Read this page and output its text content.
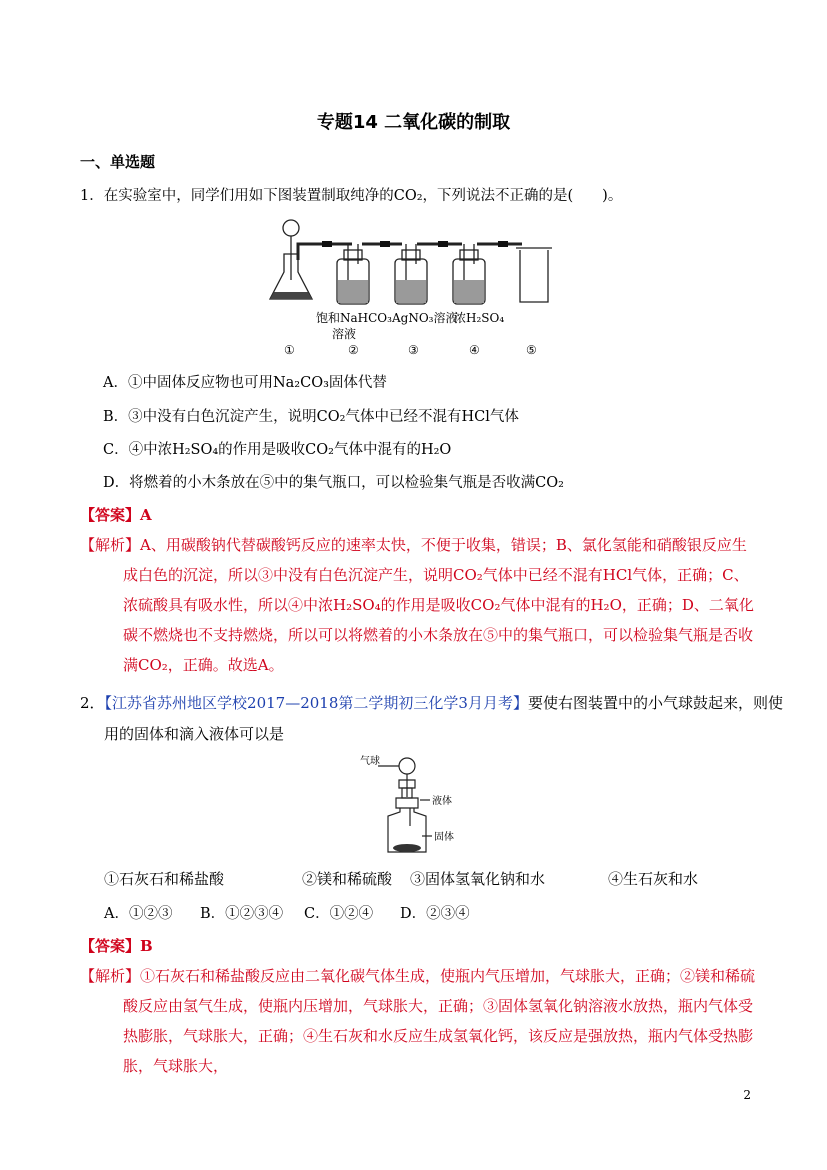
专题14 二氧化碳的制取
一、单选题
1．在实验室中，同学们用如下图装置制取纯净的CO₂，下列说法不正确的是(　　)。
饱和NaHCO₃
溶液
AgNO₃溶液
浓H₂SO₄
①	②	③	④	⑤
A．①中固体反应物也可用Na₂CO₃固体代替
B．③中没有白色沉淀产生，说明CO₂气体中已经不混有HCl气体
C．④中浓H₂SO₄的作用是吸收CO₂气体中混有的H₂O
D．将燃着的小木条放在⑤中的集气瓶口，可以检验集气瓶是否收满CO₂
【答案】A
【解析】A、用碳酸钠代替碳酸钙反应的速率太快，不便于收集，错误；B、氯化氢能和硝酸银反应生成白色的沉淀，所以③中没有白色沉淀产生，说明CO₂气体中已经不混有HCl气体，正确；C、浓硫酸具有吸水性，所以④中浓H₂SO₄的作用是吸收CO₂气体中混有的H₂O，正确；D、二氧化碳不燃烧也不支持燃烧，所以可以将燃着的小木条放在⑤中的集气瓶口，可以检验集气瓶是否收满CO₂，正确。故选A。
2．【江苏省苏州地区学校2017—2018第二学期初三化学3月月考】要使右图装置中的小气球鼓起来，则使
用的固体和滴入液体可以是
气球
液体
固体
①石灰石和稀盐酸	②镁和稀硫酸 ③固体氢氧化钠和水	④生石灰和水
A．①②③ B．①②③④ C．①②④ D．②③④
【答案】B
【解析】①石灰石和稀盐酸反应由二氧化碳气体生成，使瓶内气压增加，气球胀大，正确；②镁和稀硫酸反应由氢气生成，使瓶内压增加，气球胀大，正确；③固体氢氧化钠溶液水放热，瓶内气体受热膨胀，气球胀大，正确；④生石灰和水反应生成氢氧化钙，该反应是强放热，瓶内气体受热膨胀，气球胀大，
2
